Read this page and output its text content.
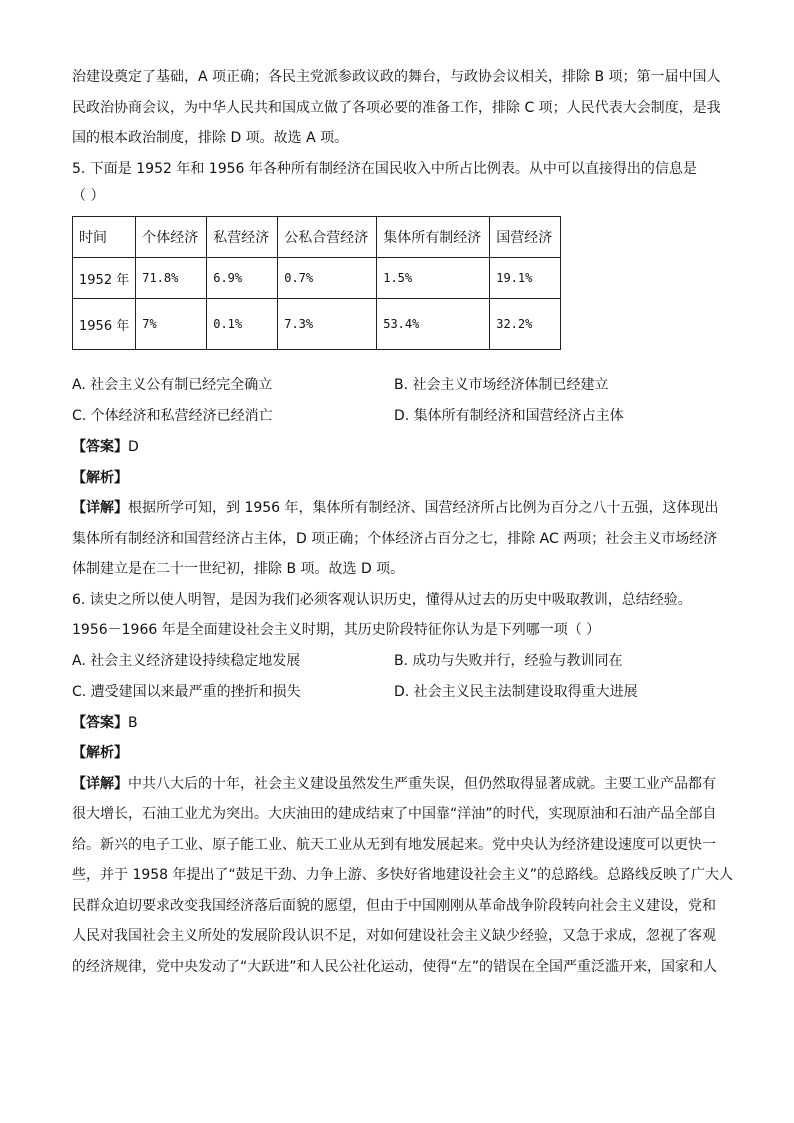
治建设奠定了基础，A 项正确；各民主党派参政议政的舞台，与政协会议相关，排除 B 项；第一届中国人
民政治协商会议，为中华人民共和国成立做了各项必要的准备工作，排除 C 项；人民代表大会制度，是我
国的根本政治制度，排除 D 项。故选 A 项。
5. 下面是 1952 年和 1956 年各种所有制经济在国民收入中所占比例表。从中可以直接得出的信息是
（ ）
时间	个体经济	私营经济	公私合营经济	集体所有制经济	国营经济
1952 年	71.8%	6.9%	0.7%	1.5%	19.1%
1956 年	7%	0.1%	7.3%	53.4%	32.2%
A. 社会主义公有制已经完全确立	B. 社会主义市场经济体制已经建立
C. 个体经济和私营经济已经消亡	D. 集体所有制经济和国营经济占主体
【答案】D
【解析】
【详解】根据所学可知，到 1956 年，集体所有制经济、国营经济所占比例为百分之八十五强，这体现出
集体所有制经济和国营经济占主体，D 项正确；个体经济占百分之七，排除 AC 两项；社会主义市场经济
体制建立是在二十一世纪初，排除 B 项。故选 D 项。
6. 读史之所以使人明智，是因为我们必须客观认识历史，懂得从过去的历史中吸取教训，总结经验。
1956－1966 年是全面建设社会主义时期，其历史阶段特征你认为是下列哪一项（ ）
A. 社会主义经济建设持续稳定地发展	B. 成功与失败并行，经验与教训同在
C. 遭受建国以来最严重的挫折和损失	D. 社会主义民主法制建设取得重大进展
【答案】B
【解析】
【详解】中共八大后的十年，社会主义建设虽然发生严重失误，但仍然取得显著成就。主要工业产品都有
很大增长，石油工业尤为突出。大庆油田的建成结束了中国靠“洋油”的时代，实现原油和石油产品全部自
给。新兴的电子工业、原子能工业、航天工业从无到有地发展起来。党中央认为经济建设速度可以更快一
些，并于 1958 年提出了“鼓足干劲、力争上游、多快好省地建设社会主义”的总路线。总路线反映了广大人
民群众迫切要求改变我国经济落后面貌的愿望，但由于中国刚刚从革命战争阶段转向社会主义建设，党和
人民对我国社会主义所处的发展阶段认识不足，对如何建设社会主义缺少经验，又急于求成，忽视了客观
的经济规律，党中央发动了“大跃进”和人民公社化运动，使得“左”的错误在全国严重泛滥开来，国家和人
